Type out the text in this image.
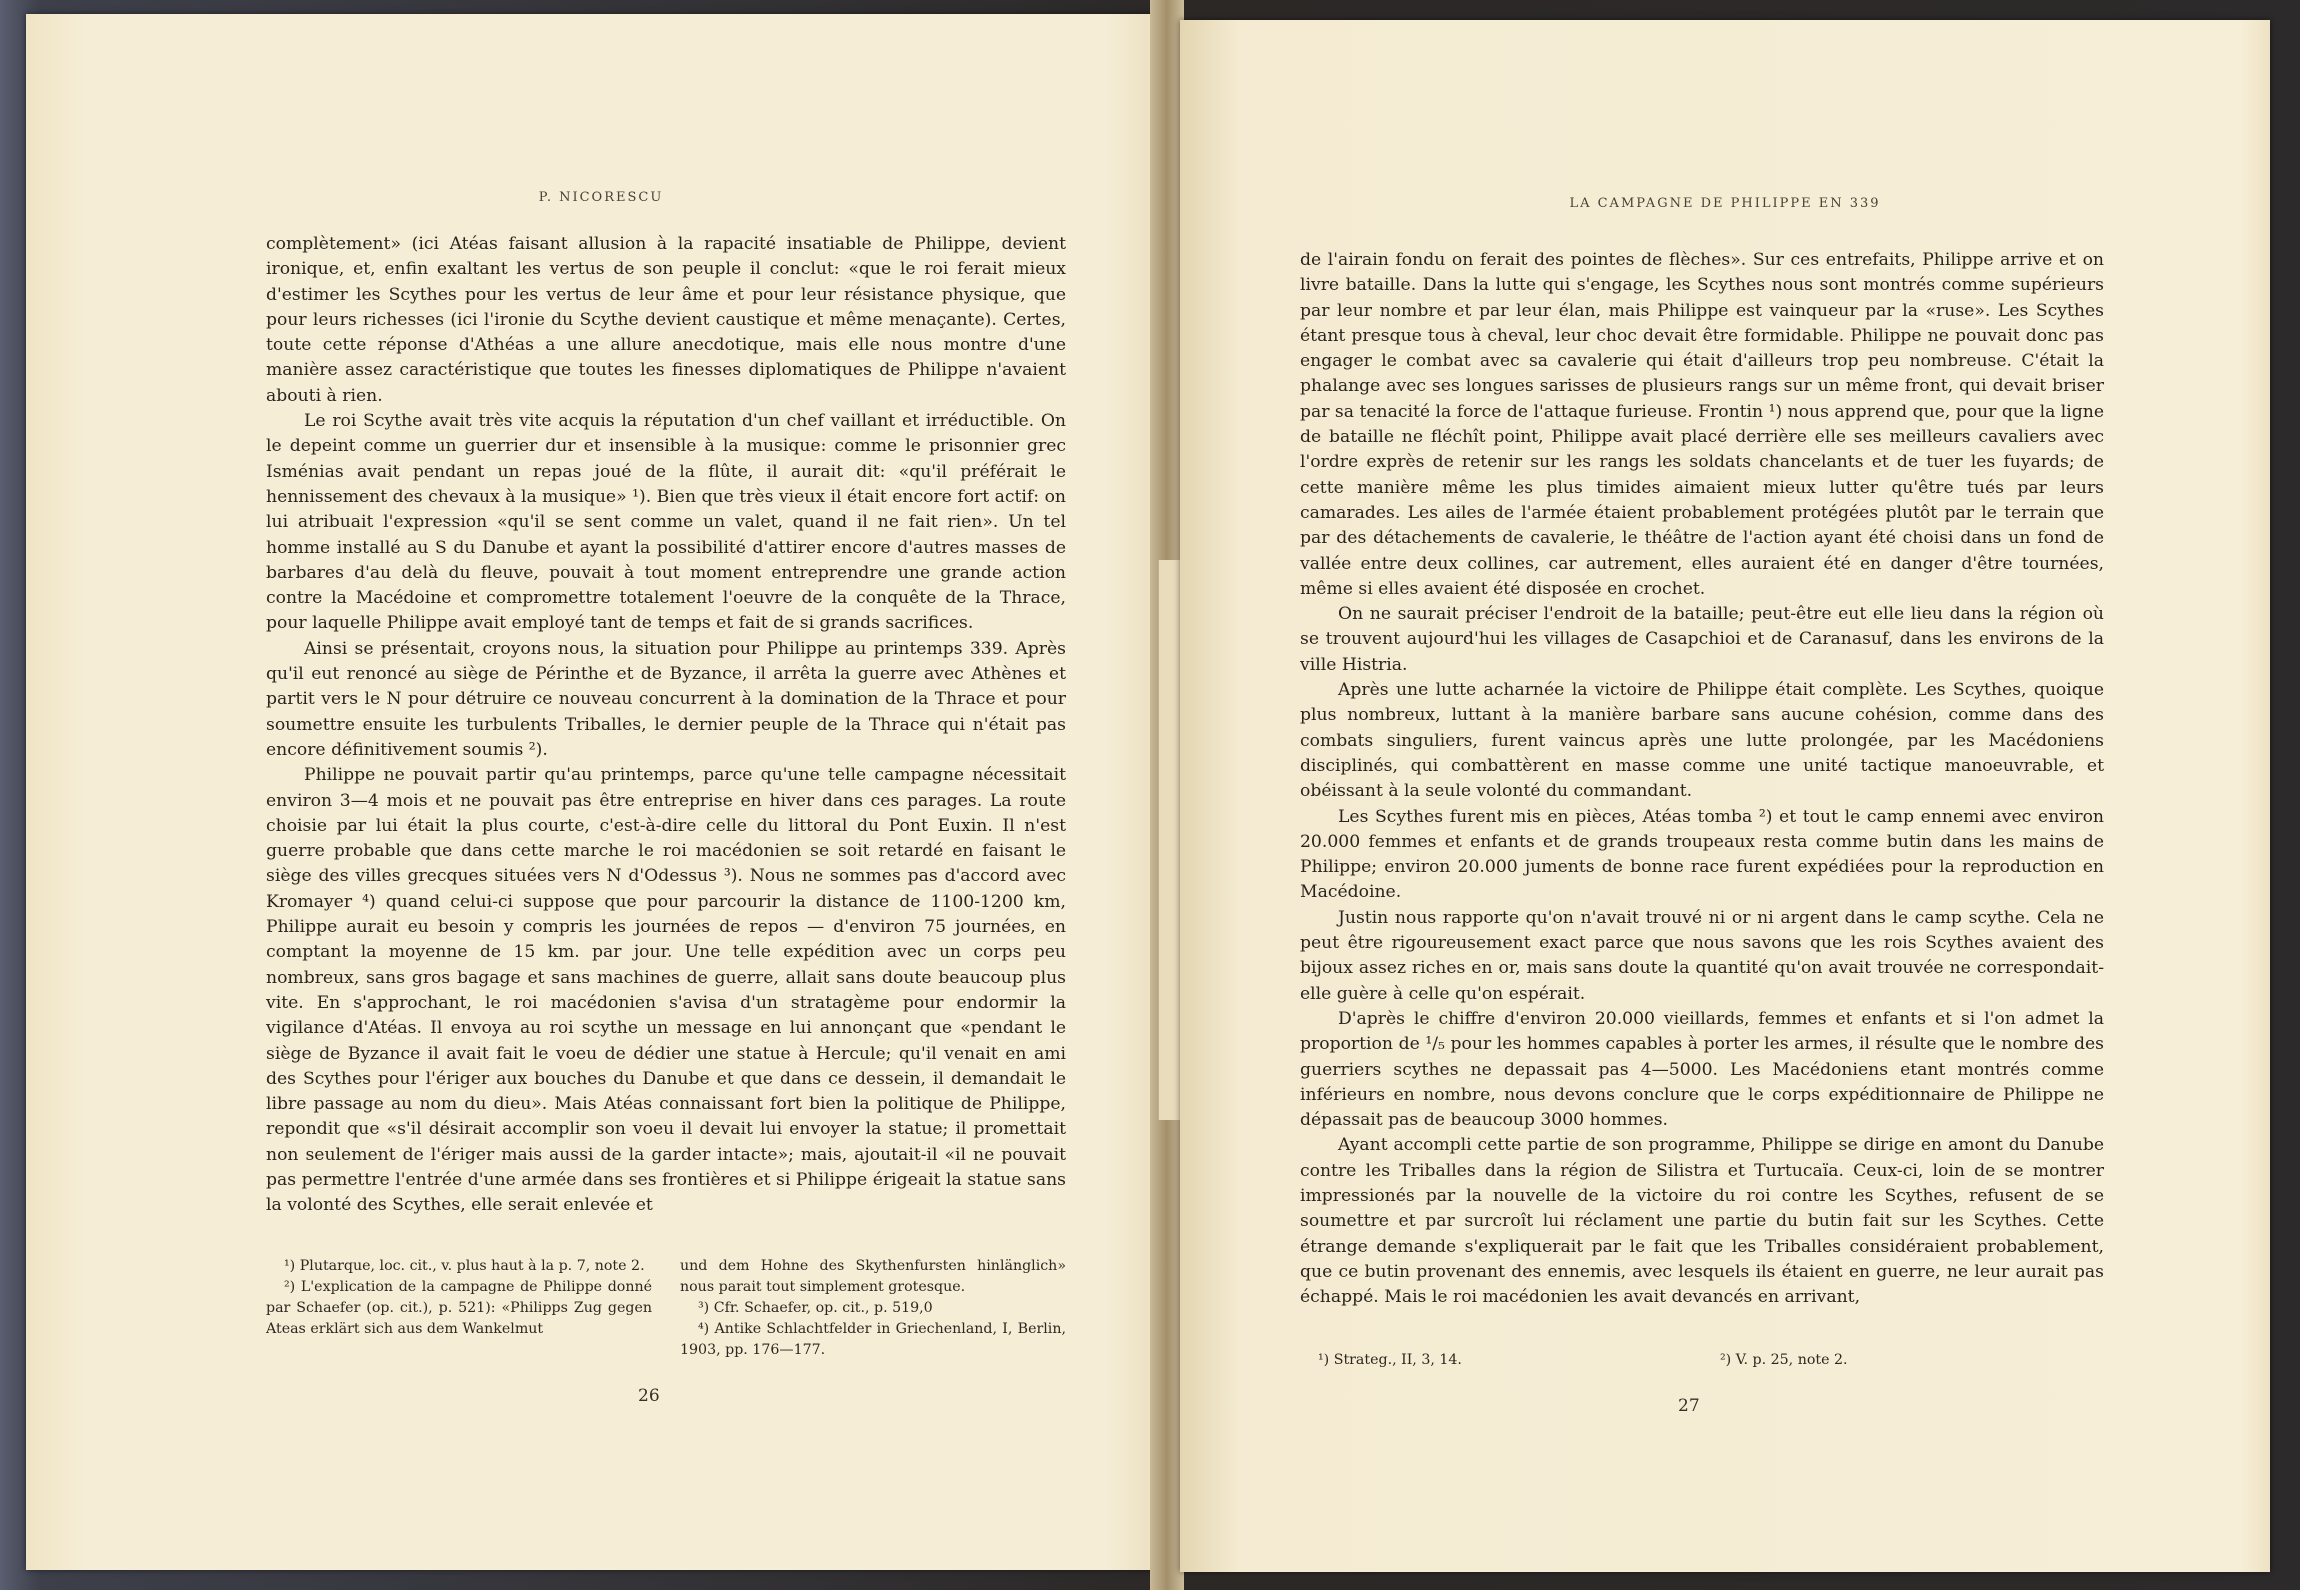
P. NICORESCU

complètement» (ici Atéas faisant allusion à la rapacité insatiable de Philippe, devient ironique, et, enfin exaltant les vertus de son peuple il conclut: «que le roi ferait mieux d'estimer les Scythes pour les vertus de leur âme et pour leur résistance physique, que pour leurs richesses (ici l'ironie du Scythe devient caustique et même menaçante). Certes, toute cette réponse d'Athéas a une allure anecdotique, mais elle nous montre d'une manière assez caractéristique que toutes les finesses diplomatiques de Philippe n'avaient abouti à rien.

Le roi Scythe avait très vite acquis la réputation d'un chef vaillant et irréductible. On le depeint comme un guerrier dur et insensible à la musique: comme le prisonnier grec Isménias avait pendant un repas joué de la flûte, il aurait dit: «qu'il préférait le hennissement des chevaux à la musique» ¹). Bien que très vieux il était encore fort actif: on lui atribuait l'expression «qu'il se sent comme un valet, quand il ne fait rien». Un tel homme installé au S du Danube et ayant la possibilité d'attirer encore d'autres masses de barbares d'au delà du fleuve, pouvait à tout moment entreprendre une grande action contre la Macédoine et compromettre totalement l'oeuvre de la conquête de la Thrace, pour laquelle Philippe avait employé tant de temps et fait de si grands sacrifices.

Ainsi se présentait, croyons nous, la situation pour Philippe au printemps 339. Après qu'il eut renoncé au siège de Périnthe et de Byzance, il arrêta la guerre avec Athènes et partit vers le N pour détruire ce nouveau concurrent à la domination de la Thrace et pour soumettre ensuite les turbulents Triballes, le dernier peuple de la Thrace qui n'était pas encore définitivement soumis ²).

Philippe ne pouvait partir qu'au printemps, parce qu'une telle campagne nécessitait environ 3—4 mois et ne pouvait pas être entreprise en hiver dans ces parages. La route choisie par lui était la plus courte, c'est-à-dire celle du littoral du Pont Euxin. Il n'est guerre probable que dans cette marche le roi macédonien se soit retardé en faisant le siège des villes grecques situées vers N d'Odessus ³). Nous ne sommes pas d'accord avec Kromayer ⁴) quand celui-ci suppose que pour parcourir la distance de 1100-1200 km, Philippe aurait eu besoin y compris les journées de repos — d'environ 75 journées, en comptant la moyenne de 15 km. par jour. Une telle expédition avec un corps peu nombreux, sans gros bagage et sans machines de guerre, allait sans doute beaucoup plus vite. En s'approchant, le roi macédonien s'avisa d'un stratagème pour endormir la vigilance d'Atéas. Il envoya au roi scythe un message en lui annonçant que «pendant le siège de Byzance il avait fait le voeu de dédier une statue à Hercule; qu'il venait en ami des Scythes pour l'ériger aux bouches du Danube et que dans ce dessein, il demandait le libre passage au nom du dieu». Mais Atéas connaissant fort bien la politique de Philippe, repondit que «s'il désirait accomplir son voeu il devait lui envoyer la statue; il promettait non seulement de l'ériger mais aussi de la garder intacte»; mais, ajoutait-il «il ne pouvait pas permettre l'entrée d'une armée dans ses frontières et si Philippe érigeait la statue sans la volonté des Scythes, elle serait enlevée et

¹) Plutarque, loc. cit., v. plus haut à la p. 7, note 2.

²) L'explication de la campagne de Philippe donné par Schaefer (op. cit.), p. 521): «Philipps Zug gegen Ateas erklärt sich aus dem Wankelmut

und dem Hohne des Skythenfursten hinlänglich» nous parait tout simplement grotesque.

³) Cfr. Schaefer, op. cit., p. 519,0

⁴) Antike Schlachtfelder in Griechenland, I, Berlin, 1903, pp. 176—177.

26
LA CAMPAGNE DE PHILIPPE EN 339

de l'airain fondu on ferait des pointes de flèches». Sur ces entrefaits, Philippe arrive et on livre bataille. Dans la lutte qui s'engage, les Scythes nous sont montrés comme supérieurs par leur nombre et par leur élan, mais Philippe est vainqueur par la «ruse». Les Scythes étant presque tous à cheval, leur choc devait être formidable. Philippe ne pouvait donc pas engager le combat avec sa cavalerie qui était d'ailleurs trop peu nombreuse. C'était la phalange avec ses longues sarisses de plusieurs rangs sur un même front, qui devait briser par sa tenacité la force de l'attaque furieuse. Frontin ¹) nous apprend que, pour que la ligne de bataille ne fléchît point, Philippe avait placé derrière elle ses meilleurs cavaliers avec l'ordre exprès de retenir sur les rangs les soldats chancelants et de tuer les fuyards; de cette manière même les plus timides aimaient mieux lutter qu'être tués par leurs camarades. Les ailes de l'armée étaient probablement protégées plutôt par le terrain que par des détachements de cavalerie, le théâtre de l'action ayant été choisi dans un fond de vallée entre deux collines, car autrement, elles auraient été en danger d'être tournées, même si elles avaient été disposée en crochet.

On ne saurait préciser l'endroit de la bataille; peut-être eut elle lieu dans la région où se trouvent aujourd'hui les villages de Casapchioi et de Caranasuf, dans les environs de la ville Histria.

Après une lutte acharnée la victoire de Philippe était complète. Les Scythes, quoique plus nombreux, luttant à la manière barbare sans aucune cohésion, comme dans des combats singuliers, furent vaincus après une lutte prolongée, par les Macédoniens disciplinés, qui combattèrent en masse comme une unité tactique manoeuvrable, et obéissant à la seule volonté du commandant.

Les Scythes furent mis en pièces, Atéas tomba ²) et tout le camp ennemi avec environ 20.000 femmes et enfants et de grands troupeaux resta comme butin dans les mains de Philippe; environ 20.000 juments de bonne race furent expédiées pour la reproduction en Macédoine.

Justin nous rapporte qu'on n'avait trouvé ni or ni argent dans le camp scythe. Cela ne peut être rigoureusement exact parce que nous savons que les rois Scythes avaient des bijoux assez riches en or, mais sans doute la quantité qu'on avait trouvée ne correspondait-elle guère à celle qu'on espérait.

D'après le chiffre d'environ 20.000 vieillards, femmes et enfants et si l'on admet la proportion de ¹/₅ pour les hommes capables à porter les armes, il résulte que le nombre des guerriers scythes ne depassait pas 4—5000. Les Macédoniens etant montrés comme inférieurs en nombre, nous devons conclure que le corps expéditionnaire de Philippe ne dépassait pas de beaucoup 3000 hommes.

Ayant accompli cette partie de son programme, Philippe se dirige en amont du Danube contre les Triballes dans la région de Silistra et Turtucaïa. Ceux-ci, loin de se montrer impressionés par la nouvelle de la victoire du roi contre les Scythes, refusent de se soumettre et par surcroît lui réclament une partie du butin fait sur les Scythes. Cette étrange demande s'expliquerait par le fait que les Triballes considéraient probablement, que ce butin provenant des ennemis, avec lesquels ils étaient en guerre, ne leur aurait pas échappé. Mais le roi macédonien les avait devancés en arrivant,

¹) Strateg., II, 3, 14.	²) V. p. 25, note 2.

27
